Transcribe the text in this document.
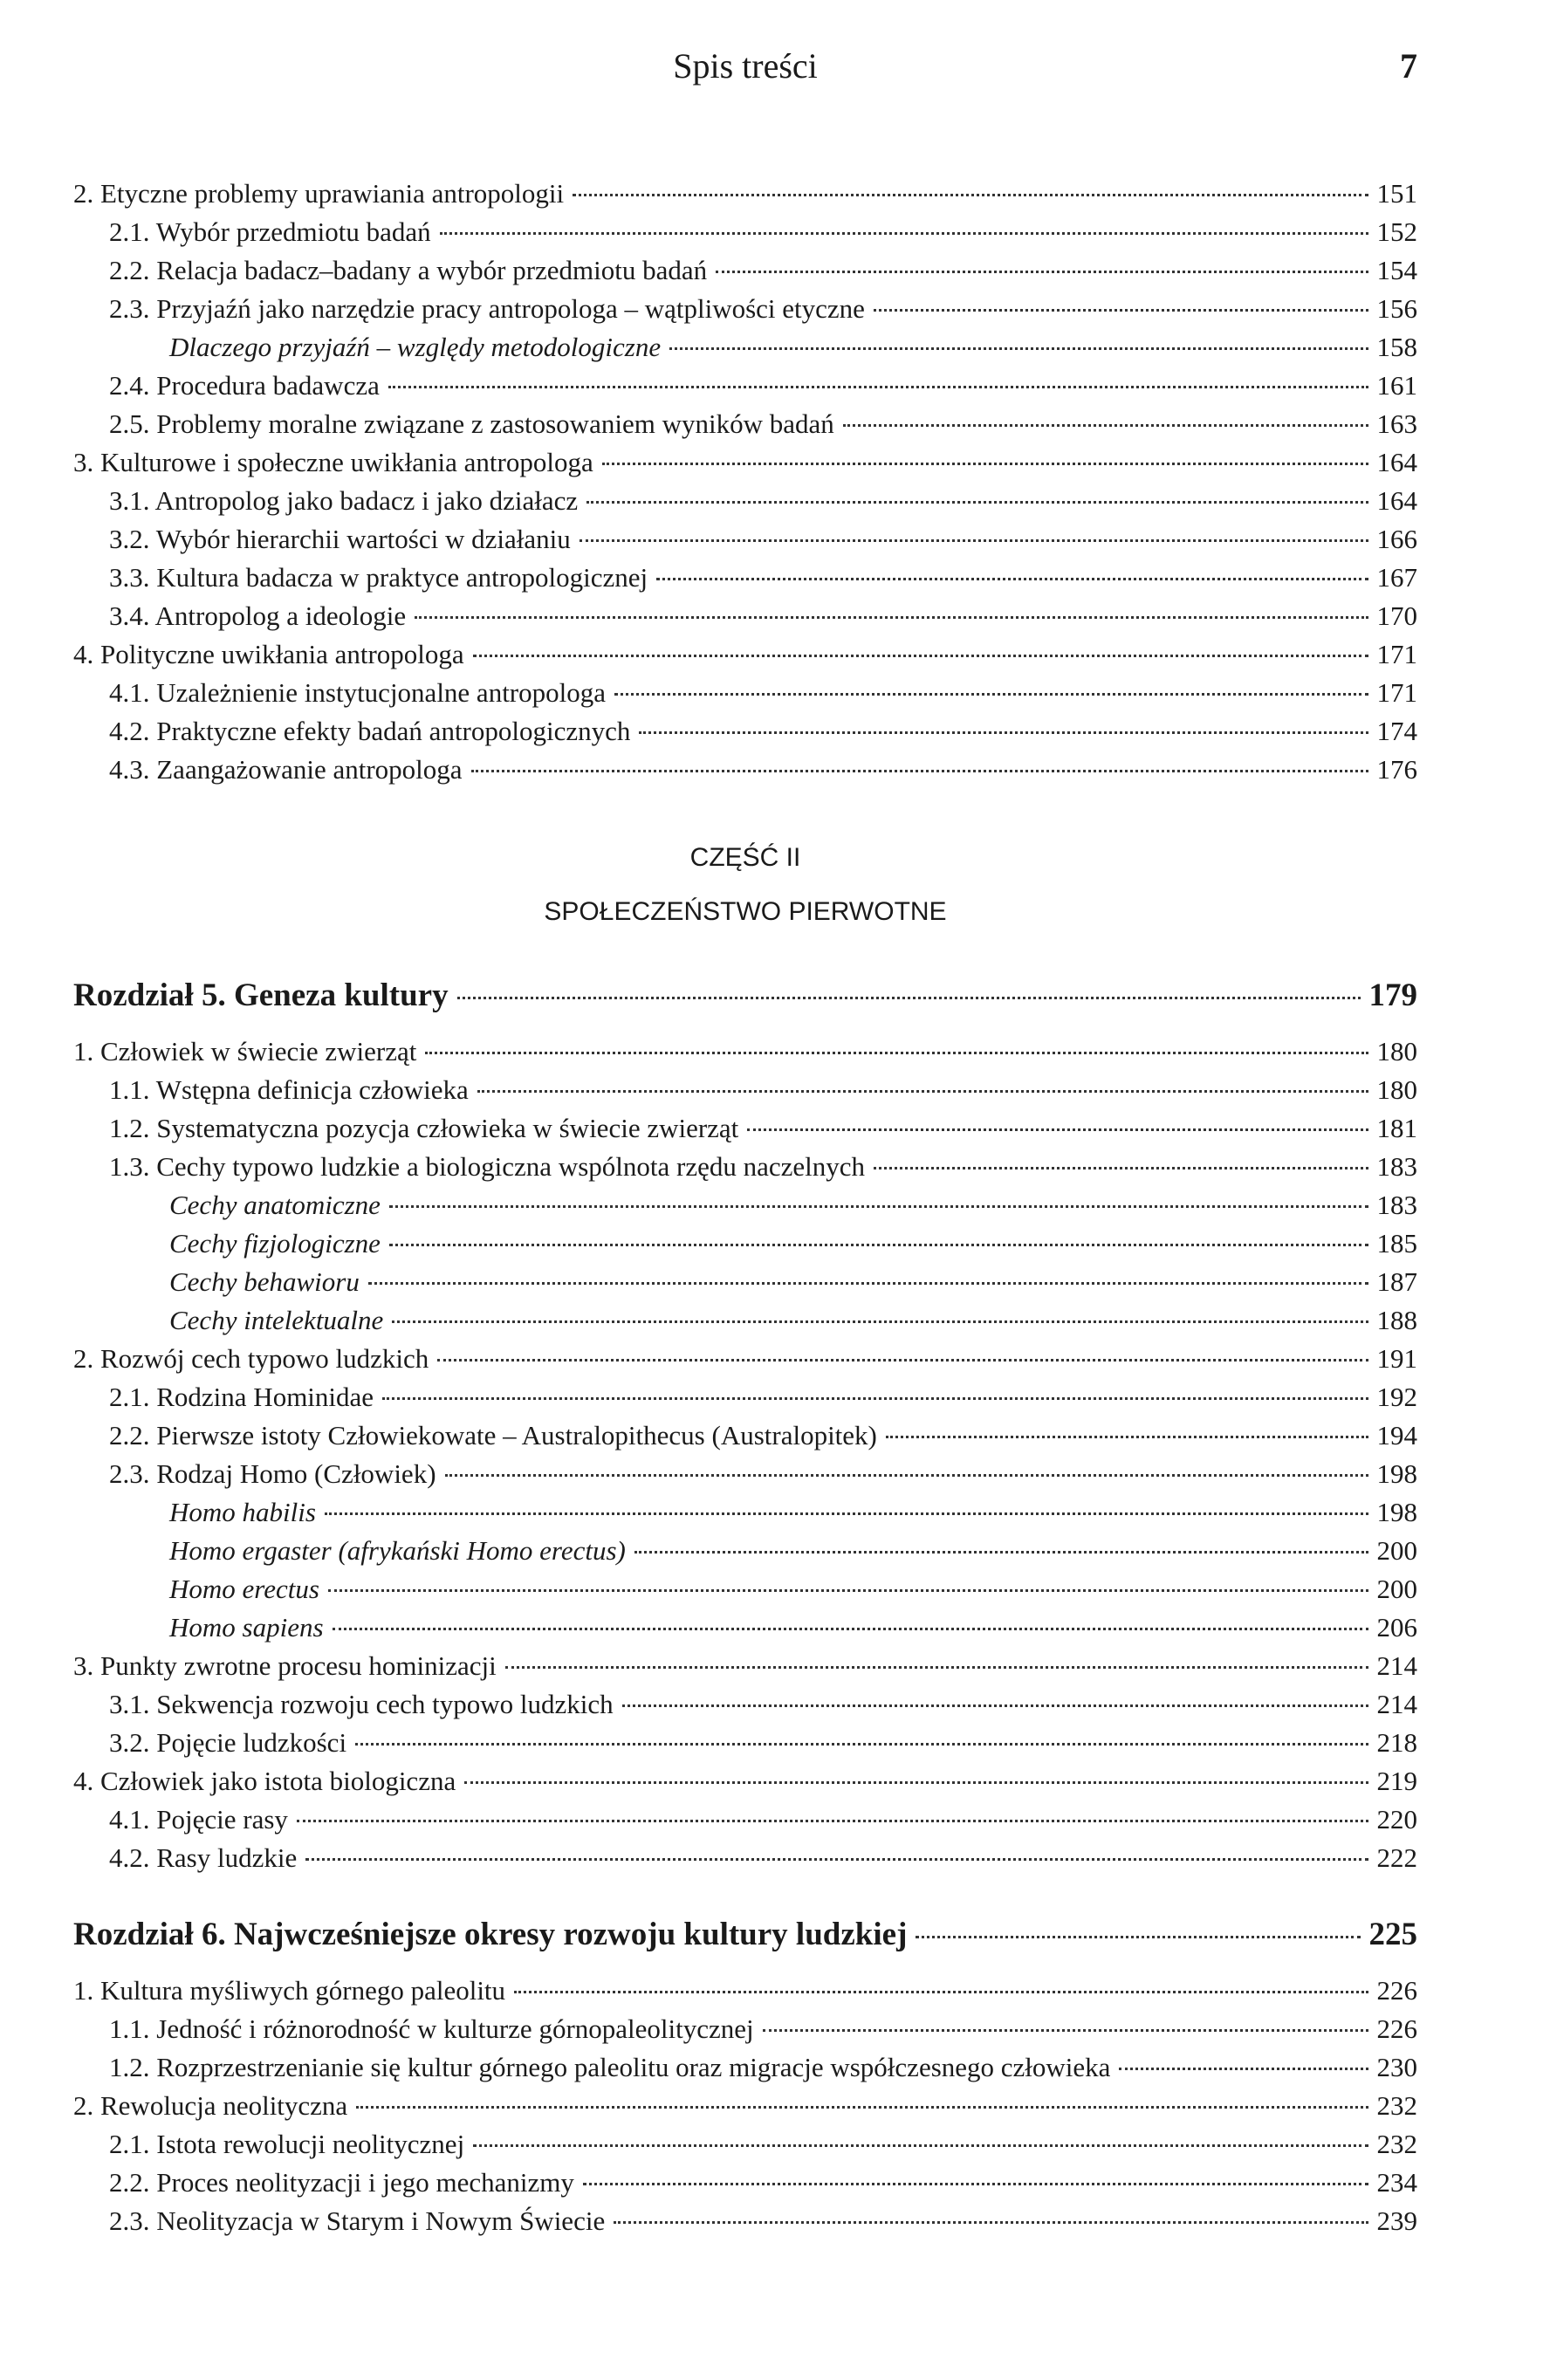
Spis treści	7
2. Etyczne problemy uprawiania antropologii	151
2.1. Wybór przedmiotu badań	152
2.2. Relacja badacz–badany a wybór przedmiotu badań	154
2.3. Przyjaźń jako narzędzie pracy antropologa – wątpliwości etyczne	156
Dlaczego przyjaźń – względy metodologiczne	158
2.4. Procedura badawcza	161
2.5. Problemy moralne związane z zastosowaniem wyników badań	163
3. Kulturowe i społeczne uwikłania antropologa	164
3.1. Antropolog jako badacz i jako działacz	164
3.2. Wybór hierarchii wartości w działaniu	166
3.3. Kultura badacza w praktyce antropologicznej	167
3.4. Antropolog a ideologie	170
4. Polityczne uwikłania antropologa	171
4.1. Uzależnienie instytucjonalne antropologa	171
4.2. Praktyczne efekty badań antropologicznych	174
4.3. Zaangażowanie antropologa	176
CZĘŚĆ II
SPOŁECZEŃSTWO PIERWOTNE
Rozdział 5. Geneza kultury	179
1. Człowiek w świecie zwierząt	180
1.1. Wstępna definicja człowieka	180
1.2. Systematyczna pozycja człowieka w świecie zwierząt	181
1.3. Cechy typowo ludzkie a biologiczna wspólnota rzędu naczelnych	183
Cechy anatomiczne	183
Cechy fizjologiczne	185
Cechy behawioru	187
Cechy intelektualne	188
2. Rozwój cech typowo ludzkich	191
2.1. Rodzina Hominidae	192
2.2. Pierwsze istoty Człowiekowate – Australopithecus (Australopitek)	194
2.3. Rodzaj Homo (Człowiek)	198
Homo habilis	198
Homo ergaster (afrykański Homo erectus)	200
Homo erectus	200
Homo sapiens	206
3. Punkty zwrotne procesu hominizacji	214
3.1. Sekwencja rozwoju cech typowo ludzkich	214
3.2. Pojęcie ludzkości	218
4. Człowiek jako istota biologiczna	219
4.1. Pojęcie rasy	220
4.2. Rasy ludzkie	222
Rozdział 6. Najwcześniejsze okresy rozwoju kultury ludzkiej	225
1. Kultura myśliwych górnego paleolitu	226
1.1. Jedność i różnorodność w kulturze górnopaleolitycznej	226
1.2. Rozprzestrzenianie się kultur górnego paleolitu oraz migracje współczesnego człowieka	230
2. Rewolucja neolityczna	232
2.1. Istota rewolucji neolitycznej	232
2.2. Proces neolityzacji i jego mechanizmy	234
2.3. Neolityzacja w Starym i Nowym Świecie	239
